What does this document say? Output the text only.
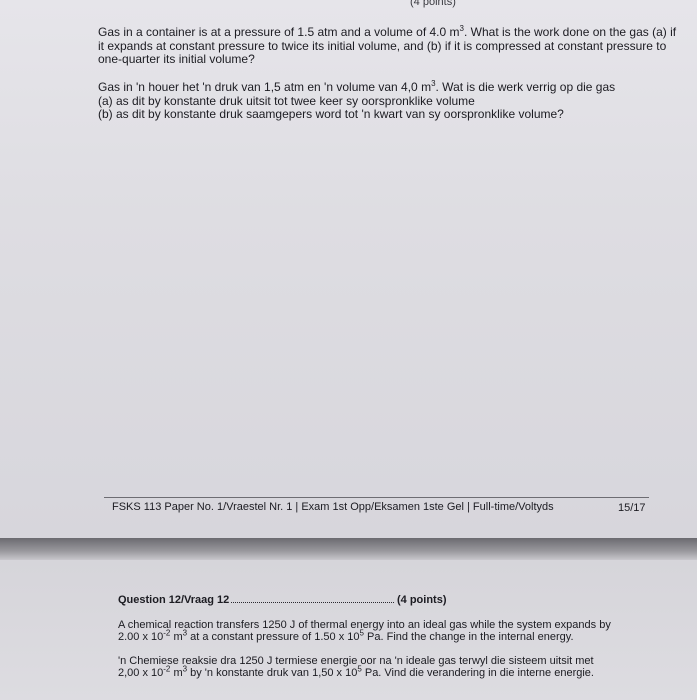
Gas in a container is at a pressure of 1.5 atm and a volume of 4.0 $m^3$. What is the work done on the gas (a) if it expands at constant pressure to twice its initial volume, and (b) if it is compressed at constant pressure to one-quarter its initial volume?

Gas in 'n houer het 'n druk van 1,5 atm en 'n volume van 4,0 $m^3$. Wat is die werk verrig op die gas
(a) as dit by konstante druk uitsit tot twee keer sy oorspronklike volume
(b) as dit by konstante druk saamgepers word tot 'n kwart van sy oorspronklike volume?
FSKS 113 Paper No. 1/Vraestel Nr. 1 | Exam 1st Opp/Eksamen 1ste Gel | Full-time/Voltyds	15/17
Question 12/Vraag 12	(4 points)

A chemical reaction transfers 1250 J of thermal energy into an ideal gas while the system expands by 2.00 x $10^{-2}$ $m^3$ at a constant pressure of 1.50 x $10^5$ Pa. Find the change in the internal energy.

'n Chemiese reaksie dra 1250 J termiese energie oor na 'n ideale gas terwyl die sisteem uitsit met 2,00 x $10^{-2}$ $m^3$ by 'n konstante druk van 1,50 x $10^5$ Pa. Vind die verandering in die interne energie.
